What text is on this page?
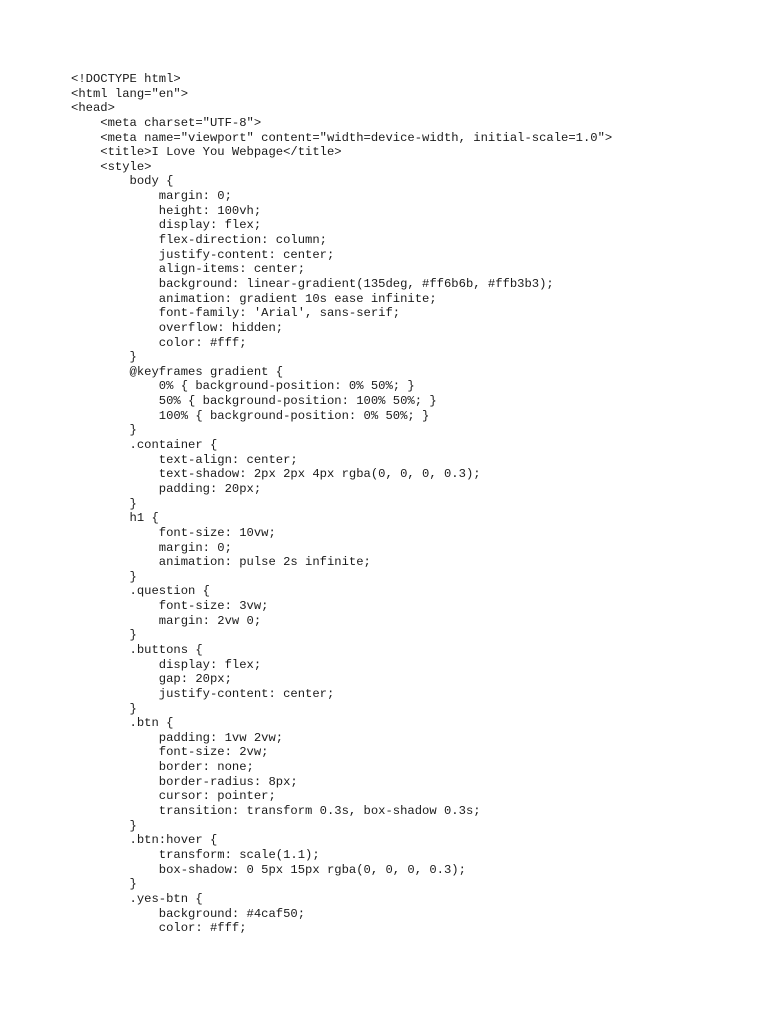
<!DOCTYPE html>
<html lang="en">
<head>
<meta charset="UTF-8">
<meta name="viewport" content="width=device-width, initial-scale=1.0">
<title>I Love You Webpage</title>
<style>
body {
margin: 0;
height: 100vh;
display: flex;
flex-direction: column;
justify-content: center;
align-items: center;
background: linear-gradient(135deg, #ff6b6b, #ffb3b3);
animation: gradient 10s ease infinite;
font-family: 'Arial', sans-serif;
overflow: hidden;
color: #fff;
}
@keyframes gradient {
0% { background-position: 0% 50%; }
50% { background-position: 100% 50%; }
100% { background-position: 0% 50%; }
}
.container {
text-align: center;
text-shadow: 2px 2px 4px rgba(0, 0, 0, 0.3);
padding: 20px;
}
h1 {
font-size: 10vw;
margin: 0;
animation: pulse 2s infinite;
}
.question {
font-size: 3vw;
margin: 2vw 0;
}
.buttons {
display: flex;
gap: 20px;
justify-content: center;
}
.btn {
padding: 1vw 2vw;
font-size: 2vw;
border: none;
border-radius: 8px;
cursor: pointer;
transition: transform 0.3s, box-shadow 0.3s;
}
.btn:hover {
transform: scale(1.1);
box-shadow: 0 5px 15px rgba(0, 0, 0, 0.3);
}
.yes-btn {
background: #4caf50;
color: #fff;
